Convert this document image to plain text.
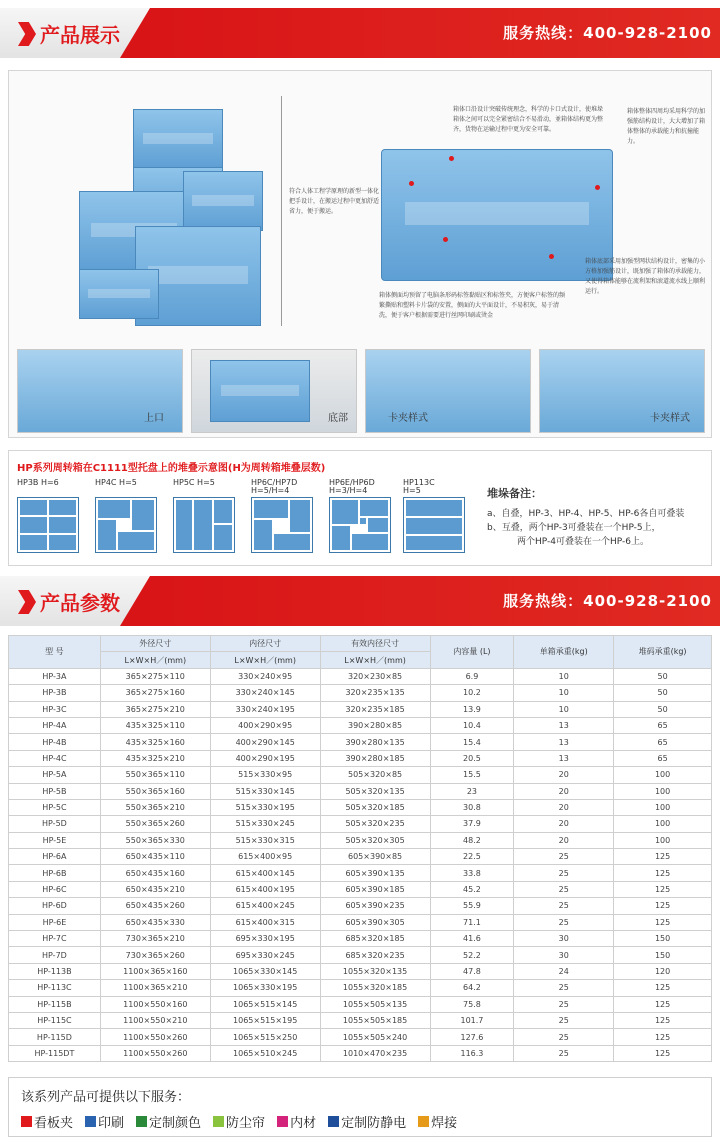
产品展示	服务热线：400-928-2100
符合人体工程学原理的新型一体化把手设计，在搬运过程中更加舒适省力，便于搬运。
箱体口沿设计突破传统理念，科学的卡口式设计，使堆垛箱体之间可以完全紧密结合不易滑动，並箱体结构更为整齐，货物在运输过程中更为安全可靠。
箱体整体四周均采用科学的加强筋结构设计，大大增加了箱体整体的承载能力和抗撞能力。
箱体底部采用加强型网状结构设计，密集的小方格加强筋设计，既加强了箱体的承载能力，又使得箱体能够在流利架和滚道流水线上顺利运行。
箱体侧面均预留了电脑条形码标签黏贴区和标签夹，方便客户标签的频繁撕贴和塑料卡片袋的安置，侧面的大平面设计，不易积灰，易于清洗，便于客户根据需要进行丝网印刷或烫金
上口	底部	卡夹样式	卡夹样式
HP系列周转箱在C1111型托盘上的堆叠示意图(H为周转箱堆叠层数)
HP3B H=6	HP4C H=5	HP5C H=5	HP6C/HP7D
H=5/H=4
HP6E/HP6D
H=3/H=4
HP113C
H=5	堆垛备注：
a、自叠，HP-3、HP-4、HP-5、HP-6各自可叠装
b、互叠，两个HP-3可叠装在一个HP-5上，
两个HP-4可叠装在一个HP-6上。
产品参数	服务热线：400-928-2100
型 号	外径尺寸	内径尺寸	有效内径尺寸	内容量 (L)	单箱承重(kg)	堆码承重(kg)
	L×W×H／(mm)	L×W×H／(mm)	L×W×H／(mm)			
HP-3A	365×275×110	330×240×95	320×230×85	6.9	10	50
HP-3B	365×275×160	330×240×145	320×235×135	10.2	10	50
HP-3C	365×275×210	330×240×195	320×235×185	13.9	10	50
HP-4A	435×325×110	400×290×95	390×280×85	10.4	13	65
HP-4B	435×325×160	400×290×145	390×280×135	15.4	13	65
HP-4C	435×325×210	400×290×195	390×280×185	20.5	13	65
HP-5A	550×365×110	515×330×95	505×320×85	15.5	20	100
HP-5B	550×365×160	515×330×145	505×320×135	23	20	100
HP-5C	550×365×210	515×330×195	505×320×185	30.8	20	100
HP-5D	550×365×260	515×330×245	505×320×235	37.9	20	100
HP-5E	550×365×330	515×330×315	505×320×305	48.2	20	100
HP-6A	650×435×110	615×400×95	605×390×85	22.5	25	125
HP-6B	650×435×160	615×400×145	605×390×135	33.8	25	125
HP-6C	650×435×210	615×400×195	605×390×185	45.2	25	125
HP-6D	650×435×260	615×400×245	605×390×235	55.9	25	125
HP-6E	650×435×330	615×400×315	605×390×305	71.1	25	125
HP-7C	730×365×210	695×330×195	685×320×185	41.6	30	150
HP-7D	730×365×260	695×330×245	685×320×235	52.2	30	150
HP-113B	1100×365×160	1065×330×145	1055×320×135	47.8	24	120
HP-113C	1100×365×210	1065×330×195	1055×320×185	64.2	25	125
HP-115B	1100×550×160	1065×515×145	1055×505×135	75.8	25	125
HP-115C	1100×550×210	1065×515×195	1055×505×185	101.7	25	125
HP-115D	1100×550×260	1065×515×250	1055×505×240	127.6	25	125
HP-115DT	1100×550×260	1065×510×245	1010×470×235	116.3	25	125
该系列产品可提供以下服务：
看板夹 印刷 定制颜色 防尘帘 内材 定制防静电 焊接
